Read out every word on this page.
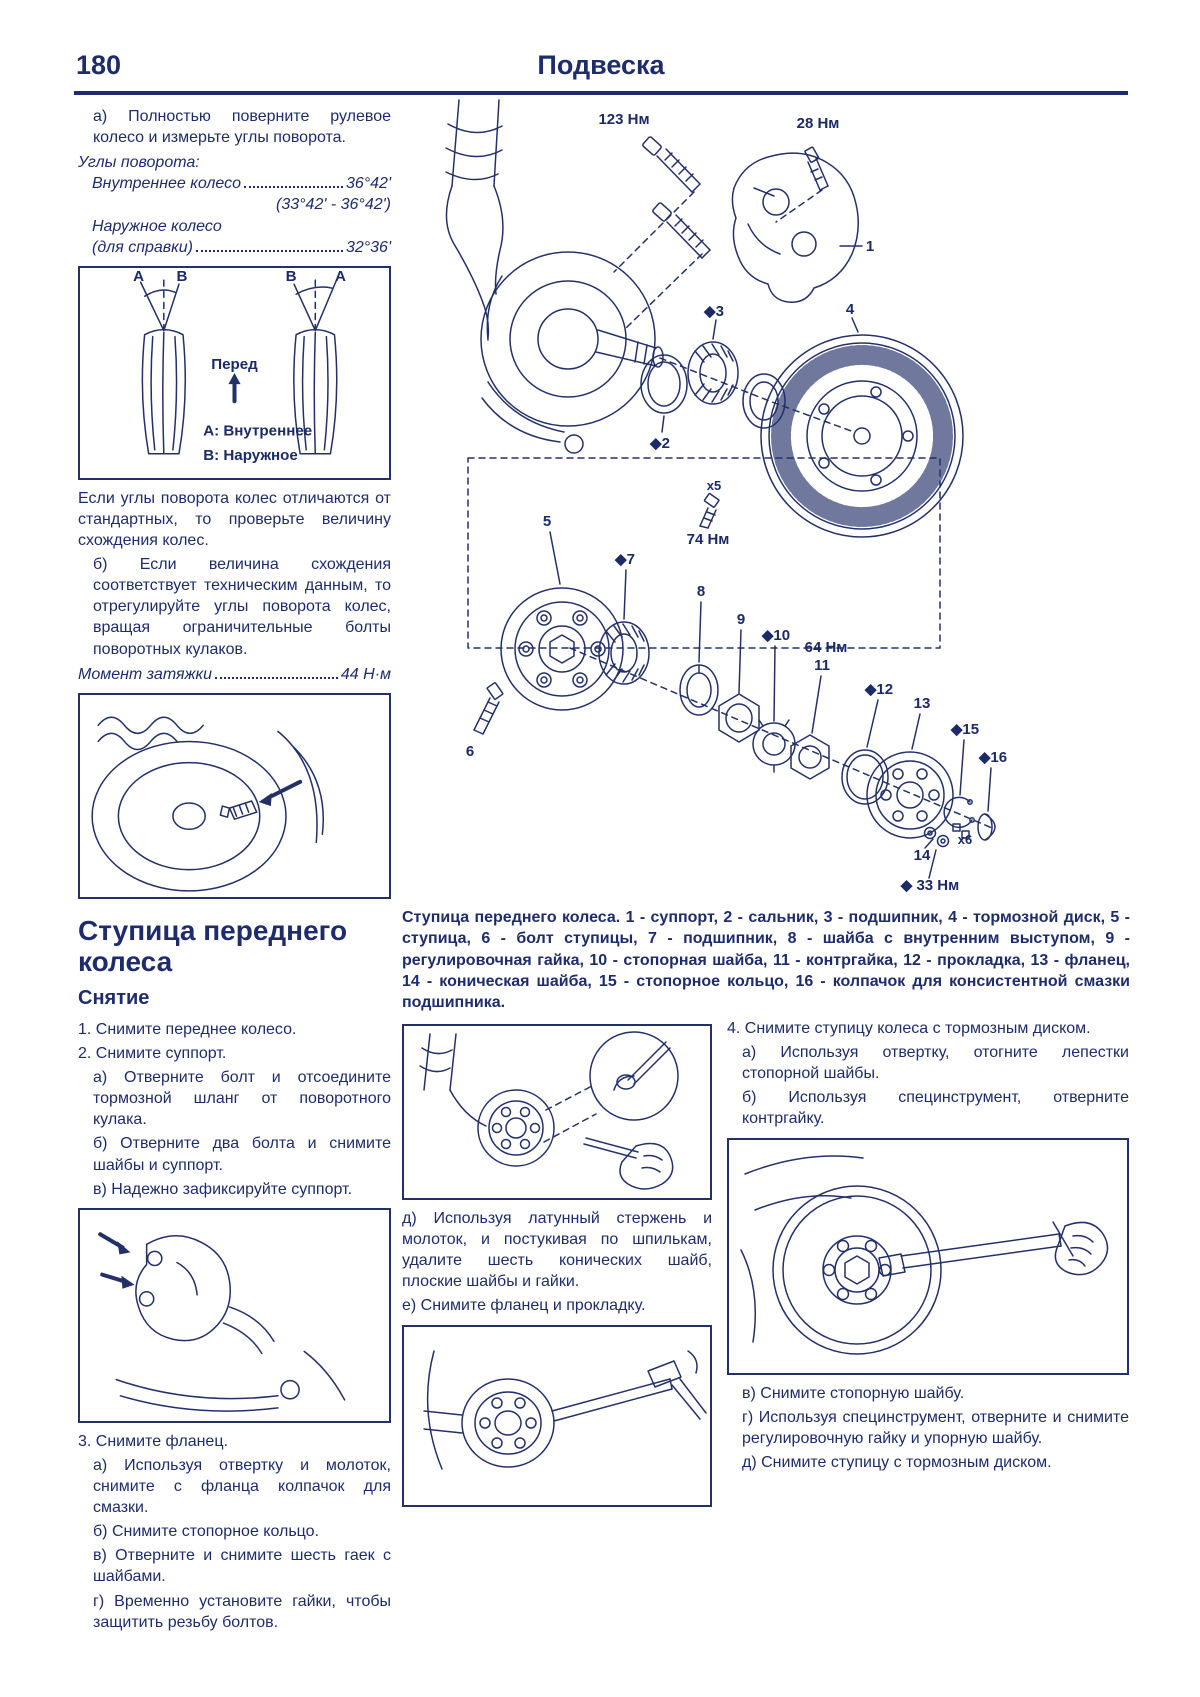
180	Подвеска

а) Полностью поверните рулевое колесо и измерьте углы поворота.

Углы поворота:

Внутреннее колесо	36°42'
(33°42' - 36°42')
Наружное колесо
(для справки)	32°36'
A B	B	A
Перед
A: Внутреннее
B: Наружное

Если углы поворота колес отличаются от стандартных, то проверьте величину схождения колес.

б) Если величина схождения соответствует техническим данным, то отрегулируйте углы поворота колес, вращая ограничительные болты поворотных кулаков.

Момент затяжки	44 Н·м
Ступица переднего колеса
Снятие

1. Снимите переднее колесо.

2. Снимите суппорт.

а) Отверните болт и отсоедините тормозной шланг от поворотного кулака.

б) Отверните два болта и снимите шайбы и суппорт.

в) Надежно зафиксируйте суппорт.

3. Снимите фланец.

а) Используя отвертку и молоток, снимите с фланца колпачок для смазки.

б) Снимите стопорное кольцо.

в) Отверните и снимите шесть гаек с шайбами.

г) Временно установите гайки, чтобы защитить резьбу болтов.

123 Нм	28 Нм
1
◆3	4
◆2
x5
74 Нм
5
6
◆7
8
9
◆10
64 Нм
11
◆12
13
◆15
◆16
14
x6
◆ 33 Нм

Ступица переднего колеса. 1 - суппорт, 2 - сальник, 3 - подшипник, 4 - тормозной диск, 5 - ступица, 6 - болт ступицы, 7 - подшипник, 8 - шайба с внутренним выступом, 9 - регулировочная гайка, 10 - стопорная шайба, 11 - контргайка, 12 - прокладка, 13 - фланец, 14 - коническая шайба, 15 - стопорное кольцо, 16 - колпачок для консистентной смазки подшипника.

д) Используя латунный стержень и молоток, и постукивая по шпилькам, удалите шесть конических шайб, плоские шайбы и гайки.

е) Снимите фланец и прокладку.

4. Снимите ступицу колеса с тормозным диском.

а) Используя отвертку, отогните лепестки стопорной шайбы.

б) Используя специнструмент, отверните контргайку.

в) Снимите стопорную шайбу.

г) Используя специнструмент, отверните и снимите регулировочную гайку и упорную шайбу.

д) Снимите ступицу с тормозным диском.
